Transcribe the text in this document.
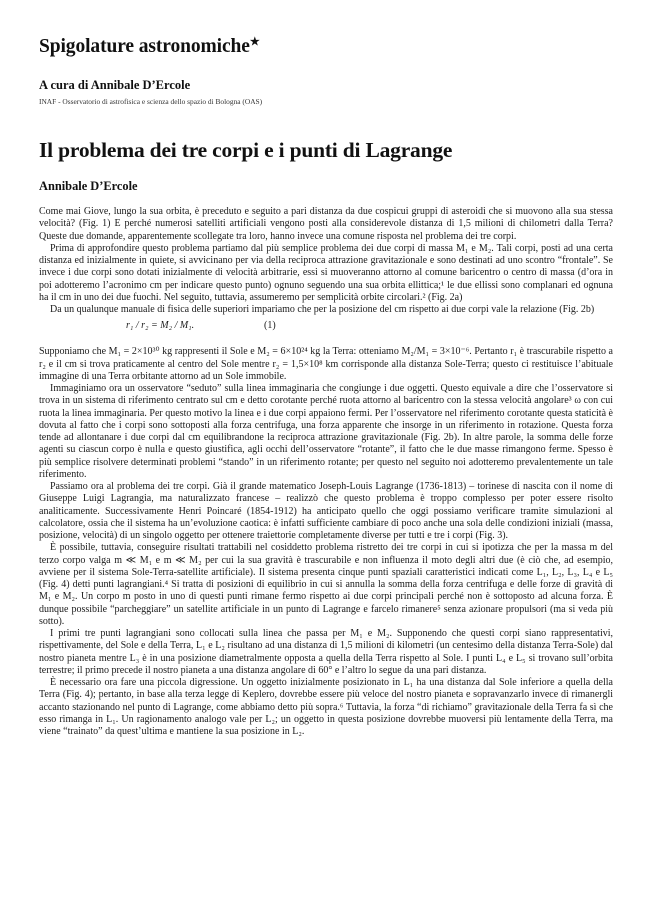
Spigolature astronomiche★
A cura di Annibale D’Ercole
INAF - Osservatorio di astrofisica e scienza dello spazio di Bologna (OAS)
Il problema dei tre corpi e i punti di Lagrange
Annibale D’Ercole

Come mai Giove, lungo la sua orbita, è preceduto e seguito a pari distanza da due cospicui gruppi di asteroidi che si muovono alla sua stessa velocità? (Fig. 1) E perché numerosi satelliti artificiali vengono posti alla considerevole distanza di 1,5 milioni di chilometri dalla Terra? Queste due domande, apparentemente scollegate tra loro, hanno invece una comune risposta nel problema dei tre corpi.

Prima di approfondire questo problema partiamo dal più semplice problema dei due corpi di massa M₁ e M₂. Tali corpi, posti ad una certa distanza ed inizialmente in quiete, si avvicinano per via della reciproca attrazione gravitazionale e sono destinati ad uno scontro “frontale”. Se invece i due corpi sono dotati inizialmente di velocità arbitrarie, essi si muoveranno attorno al comune baricentro o centro di massa (d’ora in poi adotteremo l’acronimo cm per indicare questo punto) ognuno seguendo una sua orbita ellittica;¹ le due ellissi sono complanari ed ognuna ha il cm in uno dei due fuochi. Nel seguito, tuttavia, assumeremo per semplicità orbite circolari.² (Fig. 2a)

Da un qualunque manuale di fisica delle superiori impariamo che per la posizione del cm rispetto ai due corpi vale la relazione (Fig. 2b)

r₁ / r₂ = M₂ / M₁.	(1)

Supponiamo che M₁ = 2×10³⁰ kg rappresenti il Sole e M₂ = 6×10²⁴ kg la Terra: otteniamo M₂/M₁ = 3×10⁻⁶. Pertanto r₁ è trascurabile rispetto a r₂ e il cm si trova praticamente al centro del Sole mentre r₂ = 1,5×10⁸ km corrisponde alla distanza Sole-Terra; questo ci restituisce l’abituale immagine di una Terra orbitante attorno ad un Sole immobile.

Immaginiamo ora un osservatore “seduto” sulla linea immaginaria che congiunge i due oggetti. Questo equivale a dire che l’osservatore si trova in un sistema di riferimento centrato sul cm e detto corotante perché ruota attorno al baricentro con la stessa velocità angolare³ ω con cui ruota la linea immaginaria. Per questo motivo la linea e i due corpi appaiono fermi. Per l’osservatore nel riferimento corotante questa staticità è dovuta al fatto che i corpi sono sottoposti alla forza centrifuga, una forza apparente che insorge in un riferimento in rotazione. Questa forza tende ad allontanare i due corpi dal cm equilibrandone la reciproca attrazione gravitazionale (Fig. 2b). In altre parole, la somma delle forze agenti su ciascun corpo è nulla e questo giustifica, agli occhi dell’osservatore “rotante”, il fatto che le due masse rimangono ferme. Spesso è più semplice risolvere determinati problemi “stando” in un riferimento rotante; per questo nel seguito noi adotteremo prevalentemente un tale riferimento.

Passiamo ora al problema dei tre corpi. Già il grande matematico Joseph-Louis Lagrange (1736-1813) – torinese di nascita con il nome di Giuseppe Luigi Lagrangia, ma naturalizzato francese – realizzò che questo problema è troppo complesso per poter essere risolto analiticamente. Successivamente Henri Poincaré (1854-1912) ha anticipato quello che oggi possiamo verificare tramite simulazioni al calcolatore, ossia che il sistema ha un’evoluzione caotica: è infatti sufficiente cambiare di poco anche una sola delle condizioni iniziali (massa, posizione, velocità) di un singolo oggetto per ottenere traiettorie completamente diverse per tutti e tre i corpi (Fig. 3).

È possibile, tuttavia, conseguire risultati trattabili nel cosiddetto problema ristretto dei tre corpi in cui si ipotizza che per la massa m del terzo corpo valga m ≪ M₁ e m ≪ M₂ per cui la sua gravità è trascurabile e non influenza il moto degli altri due (è ciò che, ad esempio, avviene per il sistema Sole-Terra-satellite artificiale). Il sistema presenta cinque punti spaziali caratteristici indicati come L₁, L₂, L₃, L₄ e L₅ (Fig. 4) detti punti lagrangiani.⁴ Si tratta di posizioni di equilibrio in cui si annulla la somma della forza centrifuga e delle forze di gravità di M₁ e M₂. Un corpo m posto in uno di questi punti rimane fermo rispetto ai due corpi principali perché non è sottoposto ad alcuna forza. È dunque possibile “parcheggiare” un satellite artificiale in un punto di Lagrange e farcelo rimanere⁵ senza azionare propulsori (ma si veda più sotto).

I primi tre punti lagrangiani sono collocati sulla linea che passa per M₁ e M₂. Supponendo che questi corpi siano rappresentativi, rispettivamente, del Sole e della Terra, L₁ e L₂ risultano ad una distanza di 1,5 milioni di kilometri (un centesimo della distanza Terra-Sole) dal nostro pianeta mentre L₃ è in una posizione diametralmente opposta a quella della Terra rispetto al Sole. I punti L₄ e L₅ si trovano sull’orbita terrestre; il primo precede il nostro pianeta a una distanza angolare di 60° e l’altro lo segue da una pari distanza.

È necessario ora fare una piccola digressione. Un oggetto inizialmente posizionato in L₁ ha una distanza dal Sole inferiore a quella della Terra (Fig. 4); pertanto, in base alla terza legge di Keplero, dovrebbe essere più veloce del nostro pianeta e sopravanzarlo invece di rimanergli accanto stazionando nel punto di Lagrange, come abbiamo detto più sopra.⁶ Tuttavia, la forza “di richiamo” gravitazionale della Terra fa sì che esso rimanga in L₁. Un ragionamento analogo vale per L₂; un oggetto in questa posizione dovrebbe muoversi più lentamente della Terra, ma viene “trainato” da quest’ultima e mantiene la sua posizione in L₂.
